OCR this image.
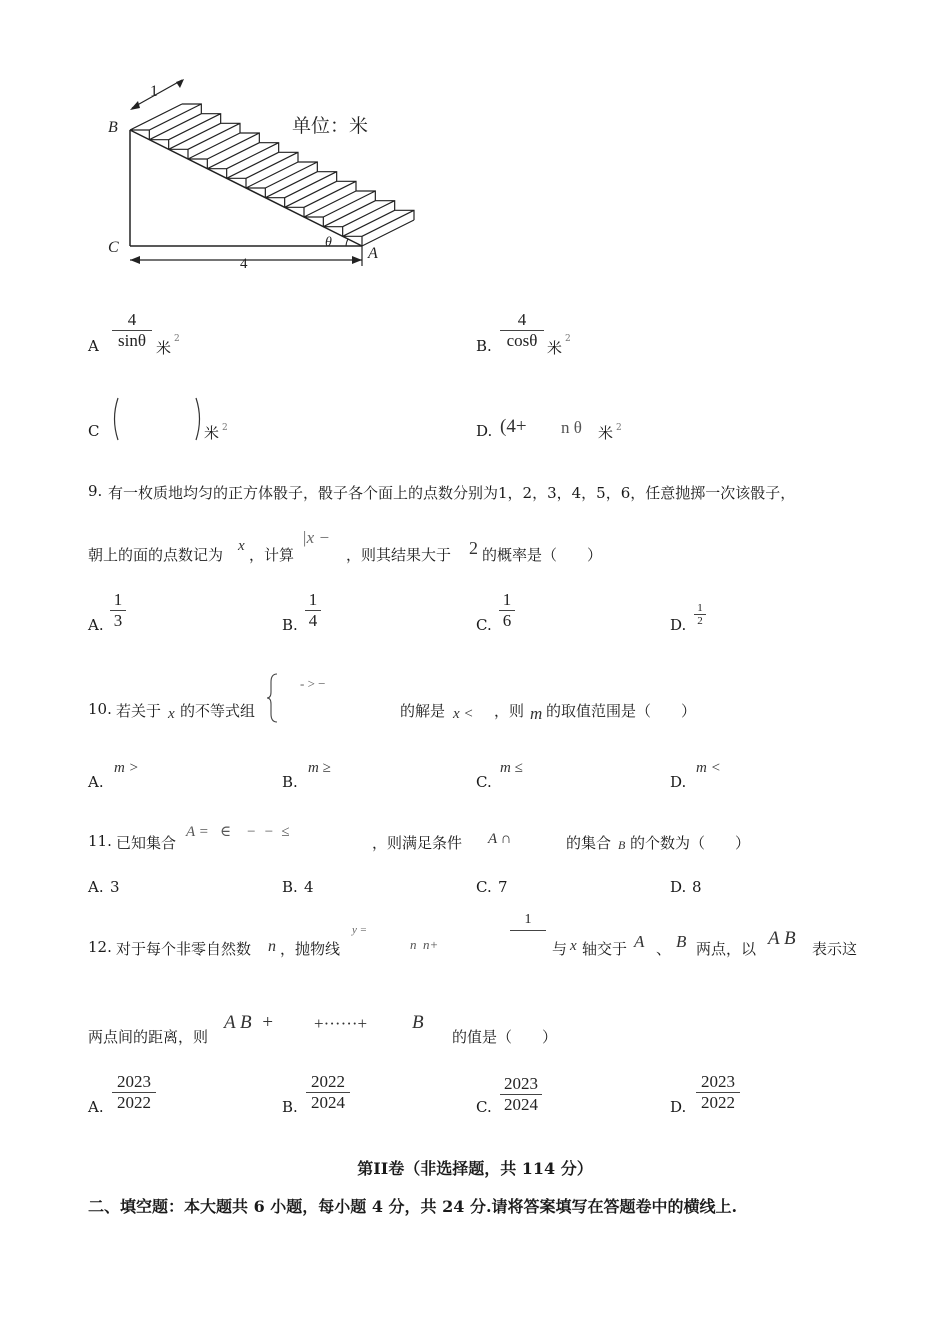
B
C	A
1
θ
4
单位：米
A $\frac{4}{\sin\theta}$ 米 2	B. $\frac{4}{\cos\theta}$ 米 2
C	米 2	D. (4+ n θ 米 2
9. 有一枚质地均匀的正方体骰子，骰子各个面上的点数分别为1，2，3，4，5，6，任意抛掷一次该骰子，
朝上的面的点数记为 x ，计算
|x −
，则其结果大于 2 的概率是（　　）
A. $\frac{1}{3}$	B. $\frac{1}{4}$	C. $\frac{1}{6}$	D. $\frac{1}{2}$
10. 若关于 x 的不等式组
- > −
的解是 x < ，则 m 的取值范围是（　　）
A.
m >
B.
m ≥
C.
m ≤
D.
m <
11. 已知集合
A =   ∈    −  −  ≤
，则满足条件 A ∩	的集合 B 的个数为（　　）
A. 3	B. 4	C. 7	D. 8
12. 对于每个非零自然数 n ，抛物线
y =
n  n+
1
与 x 轴交于 A 、 B 两点，以 A B 表示这
两点间的距离，则
A B  + +······+ B
的值是（　　）
A. $\frac{2023}{2022}$	B. $\frac{2022}{2024}$	C. $\frac{2023}{2024}$	D. $\frac{2023}{2022}$
第II卷（非选择题，共 114 分）
二、填空题：本大题共 6 小题，每小题 4 分，共 24 分.请将答案填写在答题卷中的横线上.
